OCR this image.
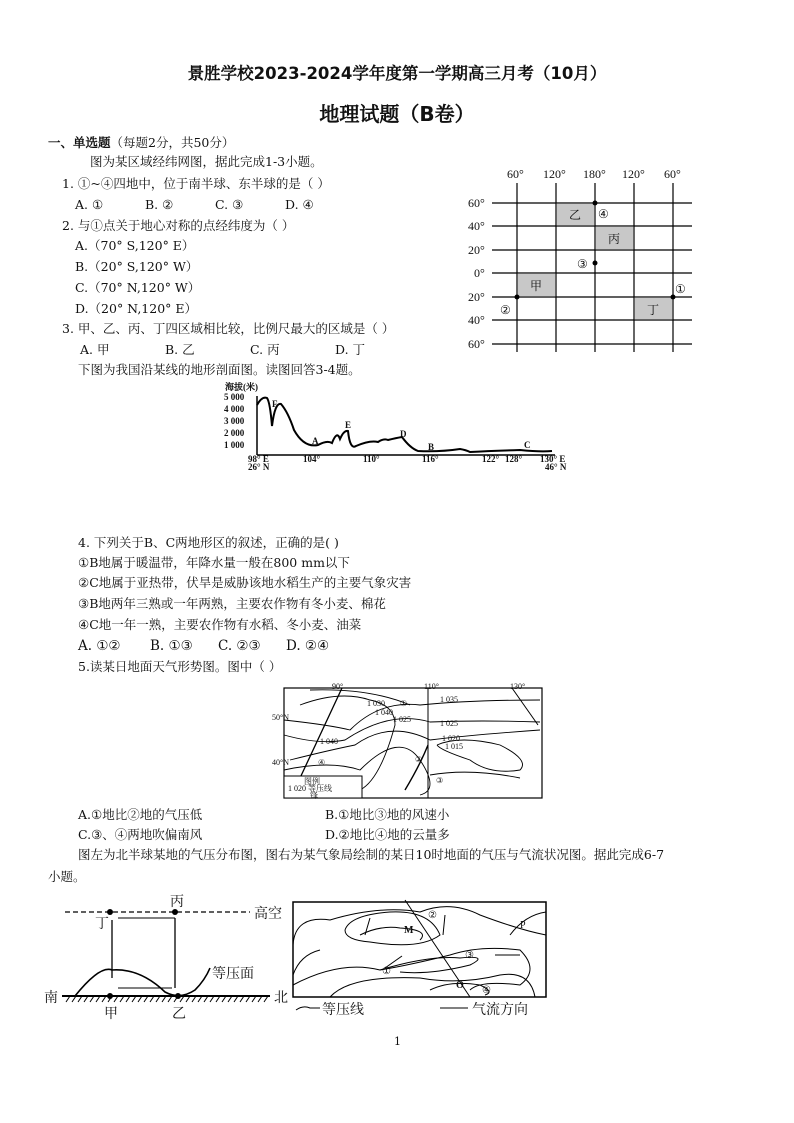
景胜学校2023-2024学年度第一学期高三月考（10月）
地理试题（B卷）
一、单选题（每题2分，共50分）
图为某区域经纬网图，据此完成1-3小题。
1. ①~④四地中，位于南半球、东半球的是（ ）
A. ①	B. ②	C. ③	D. ④
2. 与①点关于地心对称的点经纬度为（ ）
A.（70° S,120° E）
B.（20° S,120° W）
C.（70° N,120° W）
D.（20° N,120° E）
3. 甲、乙、丙、丁四区域相比较，比例尺最大的区域是（ ）
A. 甲	B. 乙	C. 丙	D. 丁
下图为我国沿某线的地形剖面图。读图回答3-4题。
60° 120° 180° 120° 60°
60°
40°
20°
0°
20°
40°
60°
甲
乙
丙
丁
①
②
③
④
海拔(米)
5 000
4 000
3 000
2 000
1 000
98° E
26° N
104°	110°	116°	122° 128° 130° E
46° N
F
A
E
D
B	C
4. 下列关于B、C两地形区的叙述，正确的是( )
①B地属于暖温带，年降水量一般在800 mm以下
②C地属于亚热带，伏旱是威胁该地水稻生产的主要气象灾害
③B地两年三熟或一年两熟，主要农作物有冬小麦、棉花
④C地一年一熟，主要农作物有水稻、冬小麦、油菜
A. ①② B. ①③ C. ②③ D. ②④
5.读某日地面天气形势图。图中（ ）
90°	110°	130°
50°N
40°N
1 035
1 025
1 020
1 015
1 030
1 040
1 040
1 025
①
②
③
④
图例
1 020 等压线
锋
A.①地比②地的气压低	B.①地比③地的风速小
C.③、④两地吹偏南风	D.②地比④地的云量多
图左为北半球某地的气压分布图，图右为某气象局绘制的某日10时地面的气压与气流状况图。据此完成6-7
小题。
丙
丁
甲	乙
高空
等压面
南	北
M	P
O
①
②
③
④
等压线	气流方向
1
